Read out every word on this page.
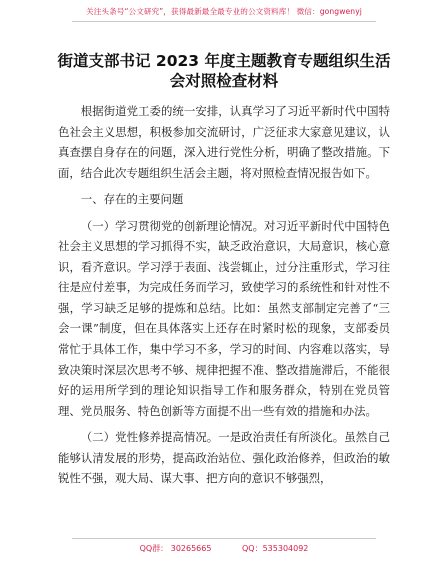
关注头条号“公文研究”，获得最新最全最专业的公文资料库！ 微信：gongwenyj
街道支部书记 2023 年度主题教育专题组织生活
会对照检查材料

根据街道党工委的统一安排，认真学习了习近平新时代中国特色社会主义思想，积极参加交流研讨，广泛征求大家意见建议，认真查摆自身存在的问题，深入进行党性分析，明确了整改措施。下面，结合此次专题组织生活会主题，将对照检查情况报告如下。

一、存在的主要问题

（一）学习贯彻党的创新理论情况。对习近平新时代中国特色社会主义思想的学习抓得不实，缺乏政治意识，大局意识，核心意识，看齐意识。学习浮于表面、浅尝辄止，过分注重形式，学习往往是应付差事，为完成任务而学习，致使学习的系统性和针对性不强，学习缺乏足够的提炼和总结。比如：虽然支部制定完善了“三会一课”制度，但在具体落实上还存在时紧时松的现象，支部委员常忙于具体工作，集中学习不多，学习的时间、内容难以落实，导致决策时深层次思考不够、规律把握不准、整改措施滞后，不能很好的运用所学到的理论知识指导工作和服务群众，特别在党员管理、党员服务、特色创新等方面提不出一些有效的措施和办法。

（二）党性修养提高情况。一是政治责任有所淡化。虽然自己能够认清发展的形势，提高政治站位、强化政治修养，但政治的敏锐性不强，观大局、谋大事、把方向的意识不够强烈，

QQ群： 30265665	QQ：535304092
